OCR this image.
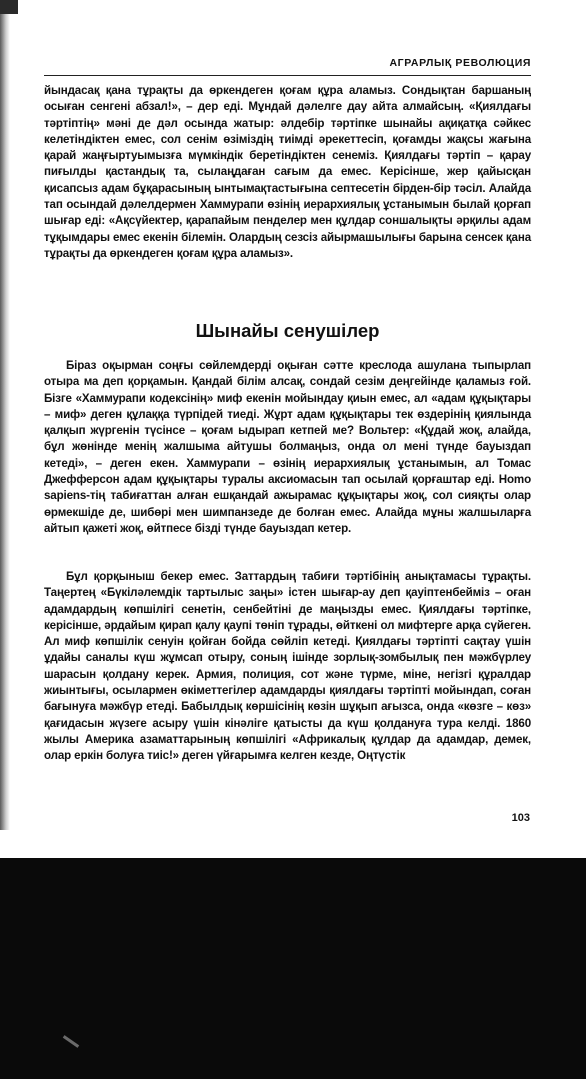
АГРАРЛЫҚ РЕВОЛЮЦИЯ

йындасақ қана тұрақты да өркендеген қоғам құра аламыз. Сондықтан баршаның осыған сенгені абзал!», – дер еді. Мұндай дәлелге дау айта алмайсың. «Қиялдағы тәртіптің» мәні де дәл осында жатыр: әлдебір тәртіпке шынайы ақиқатқа сәйкес келетіндіктен емес, сол сенім өзіміздің тиімді әрекеттесіп, қоғамды жақсы жағына қарай жаңғыртуымызға мүмкіндік беретіндіктен сенеміз. Қиялдағы тәртіп – қарау пиғылды қастандық та, сылаңдаған сағым да емес. Керісінше, жер қайысқан қисапсыз адам бұқарасының ынтымақтастығына септесетін бірден-бір тәсіл. Алайда тап осындай дәлелдермен Хаммурапи өзінің иерархиялық ұстанымын былай қорғап шығар еді: «Ақсүйектер, қарапайым пенделер мен құлдар соншалықты әрқилы адам тұқымдары емес екенін білемін. Олардың сезсіз айырмашылығы барына сенсек қана тұрақты да өркендеген қоғам құра аламыз».

Шынайы сенушілер

Біраз оқырман соңғы сөйлемдерді оқыған сәтте креслода ашулана тыпырлап отыра ма деп қорқамын. Қандай білім алсақ, сондай сезім деңгейінде қаламыз ғой. Бізге «Хаммурапи кодексінің» миф екенін мойындау қиын емес, ал «адам құқықтары – миф» деген құлаққа түрпідей тиеді. Жұрт адам құқықтары тек өздерінің қиялында қалқып жүргенін түсінсе – қоғам ыдырап кетпей ме? Вольтер: «Құдай жоқ, алайда, бұл жөнінде менің жалшыма айтушы болмаңыз, онда ол мені түнде бауыздап кетеді», – деген екен. Хаммурапи – өзінің иерархиялық ұстанымын, ал Томас Джефферсон адам құқықтары туралы аксиомасын тап осылай қорғаштар еді. Homo sapiens-тің табиғаттан алған ешқандай ажырамас құқықтары жоқ, сол сияқты олар өрмекшіде де, шибөрі мен шимпанзеде де болған емес. Алайда мұны жалшыларға айтып қажеті жоқ, өйтпесе бізді түнде бауыздап кетер.

Бұл қорқыныш бекер емес. Заттардың табиғи тәртібінің анықтамасы тұрақты. Таңертең «Бүкіләлемдік тартылыс заңы» істен шығар-ау деп қауіптенбейміз – оған адамдардың көпшілігі сенетін, сенбейтіні де маңызды емес. Қиялдағы тәртіпке, керісінше, әрдайым қирап қалу қаупі төніп тұрады, өйткені ол мифтерге арқа сүйеген. Ал миф көпшілік сенуін қойған бойда сөйліп кетеді. Қиялдағы тәртіпті сақтау үшін ұдайы саналы күш жұмсап отыру, соның ішінде зорлық-зомбылық пен мәжбүрлеу шарасын қолдану керек. Армия, полиция, сот және түрме, міне, негізгі құралдар жиынтығы, осылармен өкіметтегілер адамдарды қиялдағы тәртіпті мойындап, соған бағынуға мәжбүр етеді. Бабылдық көршісінің көзін шұқып ағызса, онда «көзге – көз» қағидасын жүзеге асыру үшін кінәліге қатысты да күш қолдануға тура келді. 1860 жылы Америка азаматтарының көпшілігі «Африкалық құлдар да адамдар, демек, олар еркін болуға тиіс!» деген үйғарымға келген кезде, Оңтүстік

103
